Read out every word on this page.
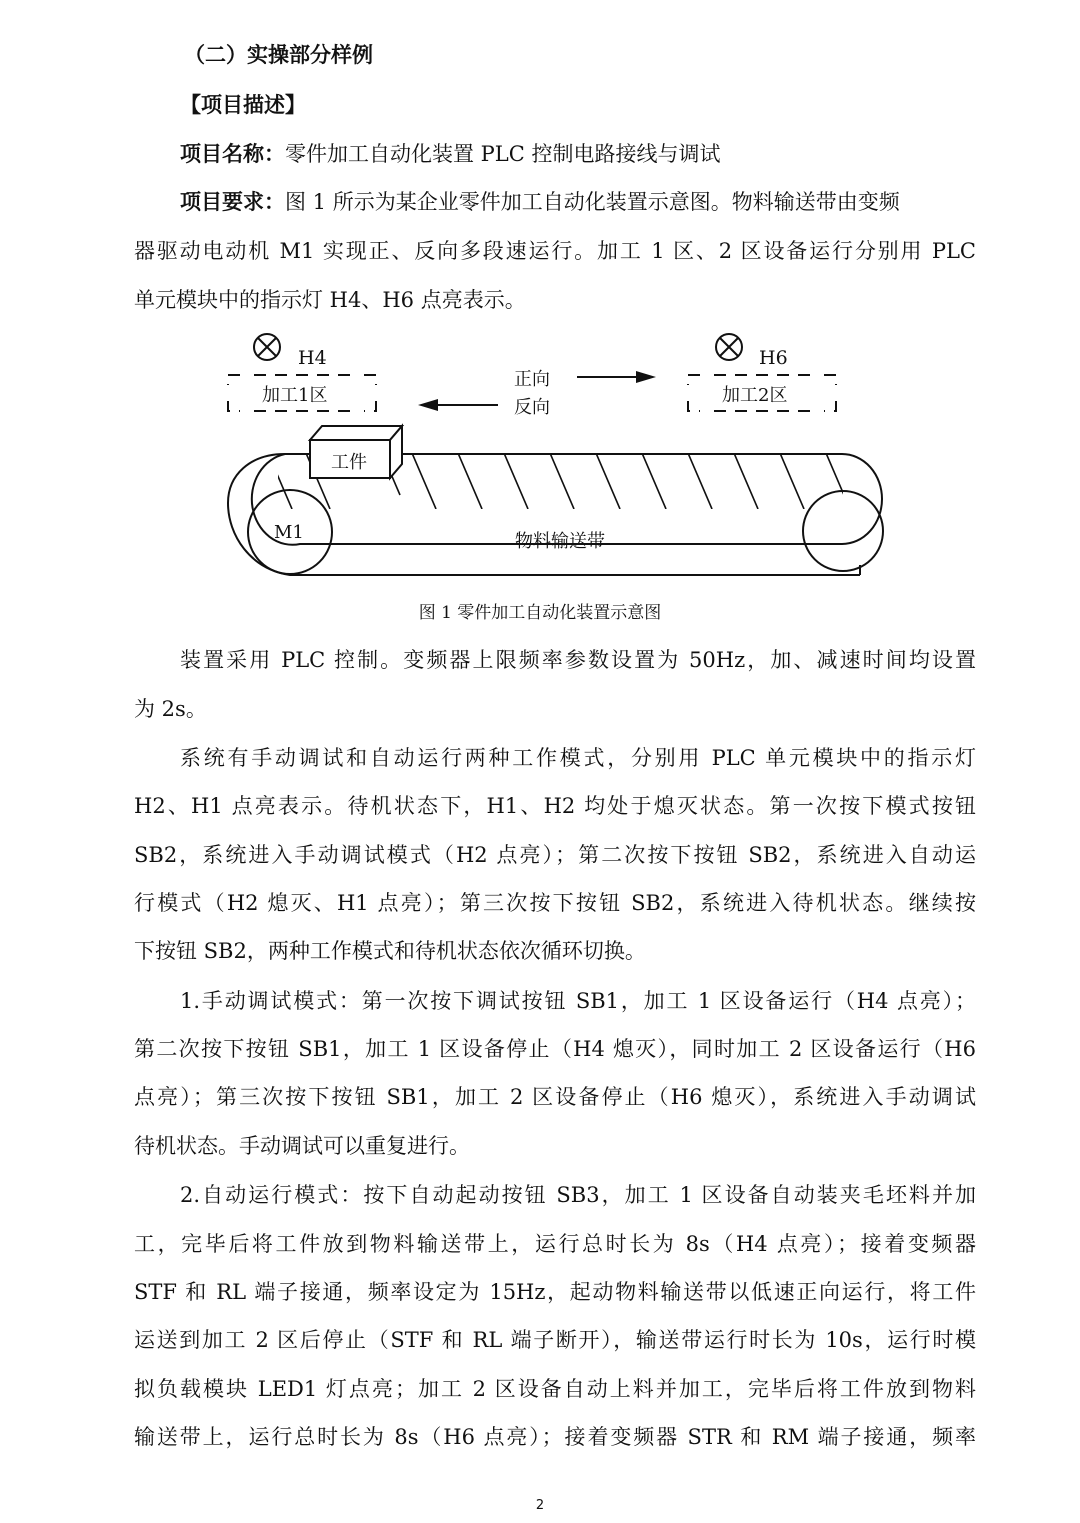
（二）实操部分样例
【项目描述】
项目名称：零件加工自动化装置 PLC 控制电路接线与调试
项目要求：图 1 所示为某企业零件加工自动化装置示意图。物料输送带由变频
器驱动电动机 M1 实现正、反向多段速运行。加工 1 区、2 区设备运行分别用 PLC
单元模块中的指示灯 H4、H6 点亮表示。
H4	H6
加工1区	加工2区
正向
反向
工件
M1	物料输送带
图 1 零件加工自动化装置示意图
装置采用 PLC 控制。变频器上限频率参数设置为 50Hz，加、减速时间均设置
为 2s。
系统有手动调试和自动运行两种工作模式，分别用 PLC 单元模块中的指示灯
H2、H1 点亮表示。待机状态下，H1、H2 均处于熄灭状态。第一次按下模式按钮
SB2，系统进入手动调试模式（H2 点亮）；第二次按下按钮 SB2，系统进入自动运
行模式（H2 熄灭、H1 点亮）；第三次按下按钮 SB2，系统进入待机状态。继续按
下按钮 SB2，两种工作模式和待机状态依次循环切换。
1.手动调试模式：第一次按下调试按钮 SB1，加工 1 区设备运行（H4 点亮）；
第二次按下按钮 SB1，加工 1 区设备停止（H4 熄灭），同时加工 2 区设备运行（H6
点亮）；第三次按下按钮 SB1，加工 2 区设备停止（H6 熄灭），系统进入手动调试
待机状态。手动调试可以重复进行。
2.自动运行模式：按下自动起动按钮 SB3，加工 1 区设备自动装夹毛坯料并加
工，完毕后将工件放到物料输送带上，运行总时长为 8s（H4 点亮）；接着变频器
STF 和 RL 端子接通，频率设定为 15Hz，起动物料输送带以低速正向运行，将工件
运送到加工 2 区后停止（STF 和 RL 端子断开），输送带运行时长为 10s，运行时模
拟负载模块 LED1 灯点亮；加工 2 区设备自动上料并加工，完毕后将工件放到物料
输送带上，运行总时长为 8s（H6 点亮）；接着变频器 STR 和 RM 端子接通，频率
2
